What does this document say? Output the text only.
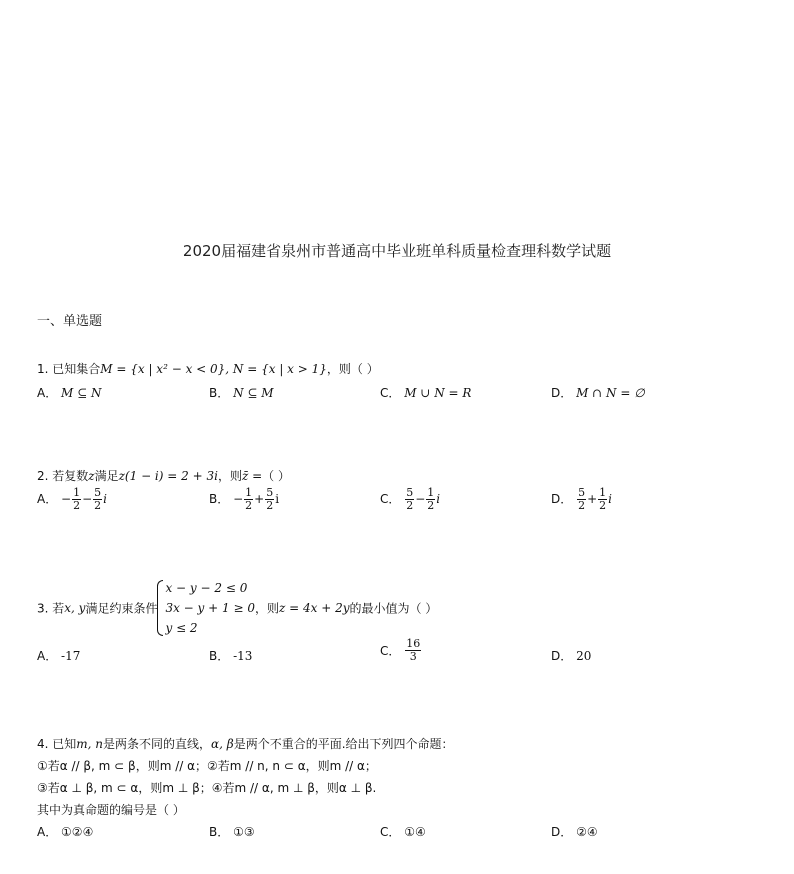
2020届福建省泉州市普通高中毕业班单科质量检查理科数学试题
一、单选题
1. 已知集合M = {x | x² − x < 0}, N = {x | x > 1}，则（ ）
A． M ⊆ N	B． N ⊆ M	C． M ∪ N = R	D． M ∩ N = ∅
2. 若复数z满足z(1 − i) = 2 + 3i，则z̄ =（ ）
A． − $\frac{1}{2} - \frac{5}{2}$ i	B． − $\frac{1}{2} + \frac{5}{2}$ i	C． $\frac{5}{2} - \frac{1}{2}$ i	D． $\frac{5}{2} + \frac{1}{2}$ i
3. 若x, y满足约束条件
x − y − 2 ≤ 0
3x − y + 1 ≥ 0
y ≤ 2
，则z = 4x + 2y的最小值为（ ）
A． -17	B． -13	C． $\frac{16}{3}$	D． 20
4. 已知m, n是两条不同的直线，α, β是两个不重合的平面.给出下列四个命题：
①若α // β, m ⊂ β，则m // α；②若m // n, n ⊂ α，则m // α；
③若α ⊥ β, m ⊂ α，则m ⊥ β；④若m // α, m ⊥ β，则α ⊥ β.
其中为真命题的编号是（ ）
A． ①②④	B． ①③	C． ①④	D． ②④
